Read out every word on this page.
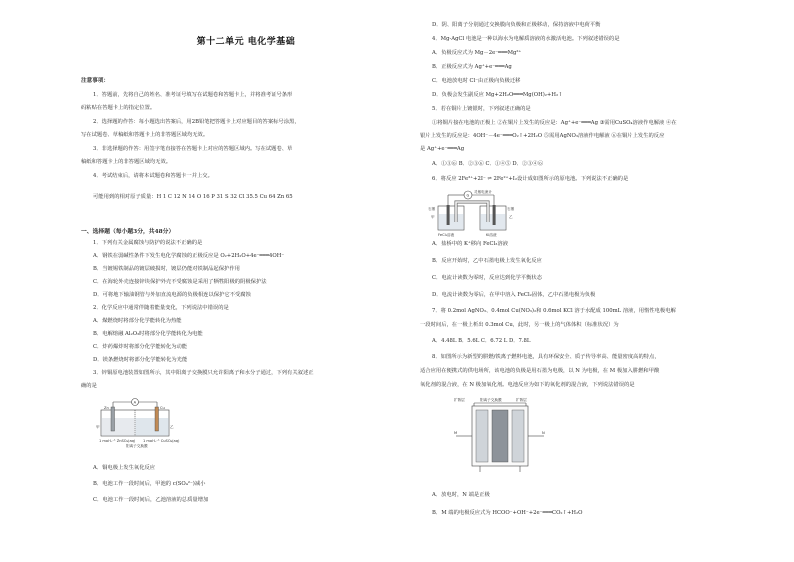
第十二单元 电化学基础
注意事项：
1．答题前，先将自己的姓名、准考证号填写在试题卷和答题卡上，并将准考证号条形
码粘贴在答题卡上的指定位置。
2．选择题的作答：每小题选出答案后，用2B铅笔把答题卡上对应题目的答案标号涂黑，
写在试题卷、草稿纸和答题卡上的非答题区域均无效。
3．非选择题的作答：用签字笔直接答在答题卡上对应的答题区域内。写在试题卷、草
稿纸和答题卡上的非答题区域均无效。
4．考试结束后，请将本试题卷和答题卡一并上交。
可能用到的相对原子质量：H 1 C 12 N 14 O 16 P 31 S 32 Cl 35.5 Cu 64 Zn 65
一、选择题（每小题3分，共48分）
1．下列有关金属腐蚀与防护的说法不正确的是
A．钢铁在弱碱性条件下发生电化学腐蚀的正极反应是 O₂+2H₂O+4e⁻═══4OH⁻
B．当镀锡铁制品的镀层破损时，镀层仍能对铁制品起保护作用
C．在海轮外壳连接锌块保护外壳不受腐蚀是采用了牺牲阳极的阴极保护法
D．可将地下输油钢管与外加直流电源的负极相连以保护它不受腐蚀
2．化学反应中通常伴随着能量变化，下列说法中错误的是
A．煤燃烧时将部分化学能转化为热能
B．电解熔融 Al₂O₃时将部分化学能转化为电能
C．炸药爆炸时将部分化学能转化为动能
D．镁条燃烧时将部分化学能转化为光能
3．锌铜原电池装置如图所示，其中阳离子交换膜只允许阳离子和水分子通过，下列有关叙述正
确的是
A
Zn	Cu
甲	乙
1 mol·L⁻¹ ZnSO₄(aq)
阳离子交换膜
1 mol·L⁻¹ CuSO₄(aq)
A．铜电极上发生氧化反应
B．电池工作一段时间后，甲池的 c(SO₄²⁻)减小
C．电池工作一段时间后，乙池溶液的总质量增加
D．阴、阳离子分别通过交换膜向负极和正极移动，保持溶液中电荷平衡
4．Mg-AgCl 电池是一种以海水为电解质溶液的水激活电池。下列叙述错误的是
A．负极反应式为 Mg－2e⁻═══Mg²⁺
B．正极反应式为 Ag⁺+e⁻═══Ag
C．电池放电时 Cl⁻由正极向负极迁移
D．负极会发生副反应 Mg+2H₂O═══Mg(OH)₂+H₂↑
5．若在铜片上镀银时，下列叙述正确的是
①将铜片接在电池的正极上 ②在铜片上发生的反应是：Ag⁺+e⁻═══Ag ③需用CuSO₄溶液作电解液 ④在
银片上发生的反应是：4OH⁻－4e⁻═══O₂↑+2H₂O ⑤需用AgNO₃溶液作电解液 ⑥在铜片上发生的反应
是 Ag⁺+e⁻═══Ag
A．①③⑥ B．②③⑥ C．①④⑤ D．②③④⑥
6．将反应 2Fe³⁺+2I⁻ ⇌ 2Fe²⁺+I₂设计成如图所示的原电池。下列说法不正确的是
灵敏电流计
G
石墨	石墨
甲	乙
FeCl₃溶液	KI溶液
A．盐桥中的 K⁺移向 FeCl₃溶液
B．反应开始时，乙中石墨电极上发生氧化反应
C．电流计读数为零时，反应达到化学平衡状态
D．电流计读数为零后，在甲中溶入 FeCl₂固体，乙中石墨电极为负极
7．将 0.2mol AgNO₃、0.4mol Cu(NO₃)₂和 0.6mol KCl 溶于水配成 100mL 溶液，用惰性电极电解
一段时间后，在一极上析出 0.3mol Cu，此时，另一极上的气体体积（标准状况）为
A．4.48L B．5.6L C．6.72 L D．7.8L
8．如图所示为新型的肼燃/铁离子燃料电池，具有环保安全、质子传导率高、能量密度高的特点，
适合应用在便携式的供电场所，该电池的负极是用石墨为电极，以 N 为电极，在 M 极加入肼燃和甲酸
氧化剂的混合液，在 N 极加氧化剂。电池反应为如下的氧化剂的混合液，下列说法错误的是
扩散层	阳离子交换膜	扩散层
M	N
A．放电时，N 端是正极
B．M 端的电极反应式为 HCOO⁻+OH⁻+2e⁻═══CO₂↑+H₂O
